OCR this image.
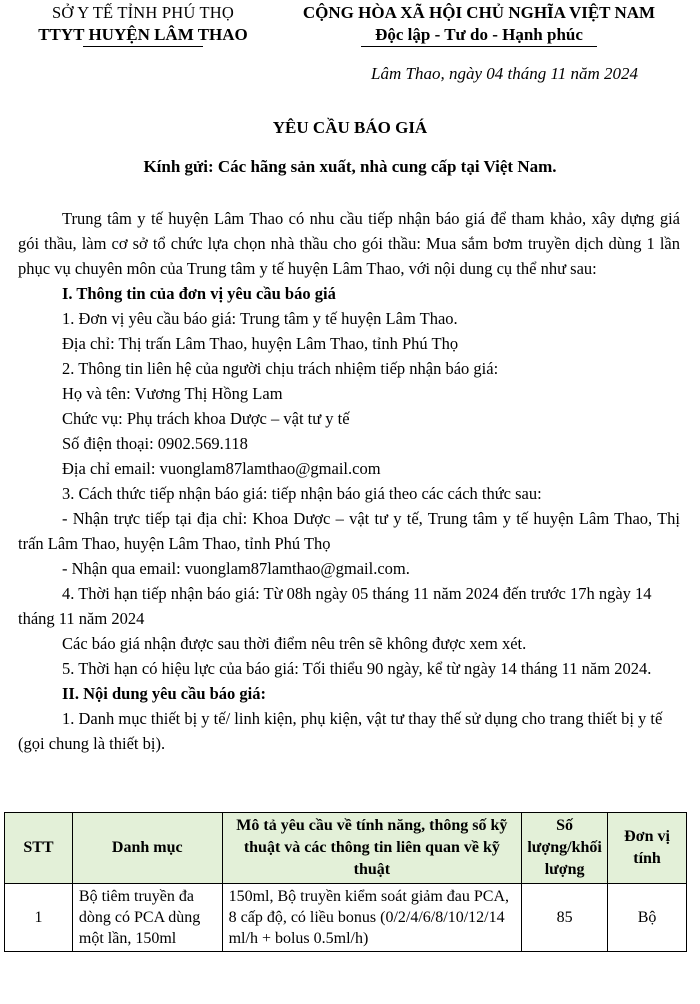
SỞ Y TẾ TỈNH PHÚ THỌ
TTYT HUYỆN LÂM THAO
CỘNG HÒA XÃ HỘI CHỦ NGHĨA VIỆT NAM
Độc lập - Tư do - Hạnh phúc
Lâm Thao, ngày 04 tháng 11 năm 2024
YÊU CẦU BÁO GIÁ
Kính gửi: Các hãng sản xuất, nhà cung cấp tại Việt Nam.
Trung tâm y tế huyện Lâm Thao có nhu cầu tiếp nhận báo giá để tham khảo, xây dựng giá gói thầu, làm cơ sở tổ chức lựa chọn nhà thầu cho gói thầu: Mua sắm bơm truyền dịch dùng 1 lần phục vụ chuyên môn của Trung tâm y tế huyện Lâm Thao, với nội dung cụ thể như sau:
I. Thông tin của đơn vị yêu cầu báo giá
1. Đơn vị yêu cầu báo giá: Trung tâm y tế huyện Lâm Thao.
Địa chỉ: Thị trấn Lâm Thao, huyện Lâm Thao, tỉnh Phú Thọ
2. Thông tin liên hệ của người chịu trách nhiệm tiếp nhận báo giá:
Họ và tên: Vương Thị Hồng Lam
Chức vụ: Phụ trách khoa Dược – vật tư y tế
Số điện thoại: 0902.569.118
Địa chỉ email: vuonglam87lamthao@gmail.com
3. Cách thức tiếp nhận báo giá: tiếp nhận báo giá theo các cách thức sau:
- Nhận trực tiếp tại địa chỉ: Khoa Dược – vật tư y tế, Trung tâm y tế huyện Lâm Thao, Thị trấn Lâm Thao, huyện Lâm Thao, tỉnh Phú Thọ
- Nhận qua email: vuonglam87lamthao@gmail.com.
4. Thời hạn tiếp nhận báo giá: Từ 08h ngày 05 tháng 11 năm 2024 đến trước 17h ngày 14 tháng 11 năm 2024
Các báo giá nhận được sau thời điểm nêu trên sẽ không được xem xét.
5. Thời hạn có hiệu lực của báo giá: Tối thiểu 90 ngày, kể từ ngày 14 tháng 11 năm 2024.
II. Nội dung yêu cầu báo giá:
1. Danh mục thiết bị y tế/ linh kiện, phụ kiện, vật tư thay thế sử dụng cho trang thiết bị y tế (gọi chung là thiết bị).
STT	Danh mục	Mô tả yêu cầu về tính năng, thông số kỹ thuật và các thông tin liên quan về kỹ thuật	Số lượng/khối lượng	Đơn vị tính
1	Bộ tiêm truyền đa dòng có PCA dùng một lần, 150ml	150ml, Bộ truyền kiểm soát giảm đau PCA, 8 cấp độ, có liều bonus (0/2/4/6/8/10/12/14 ml/h + bolus 0.5ml/h)	85	Bộ
